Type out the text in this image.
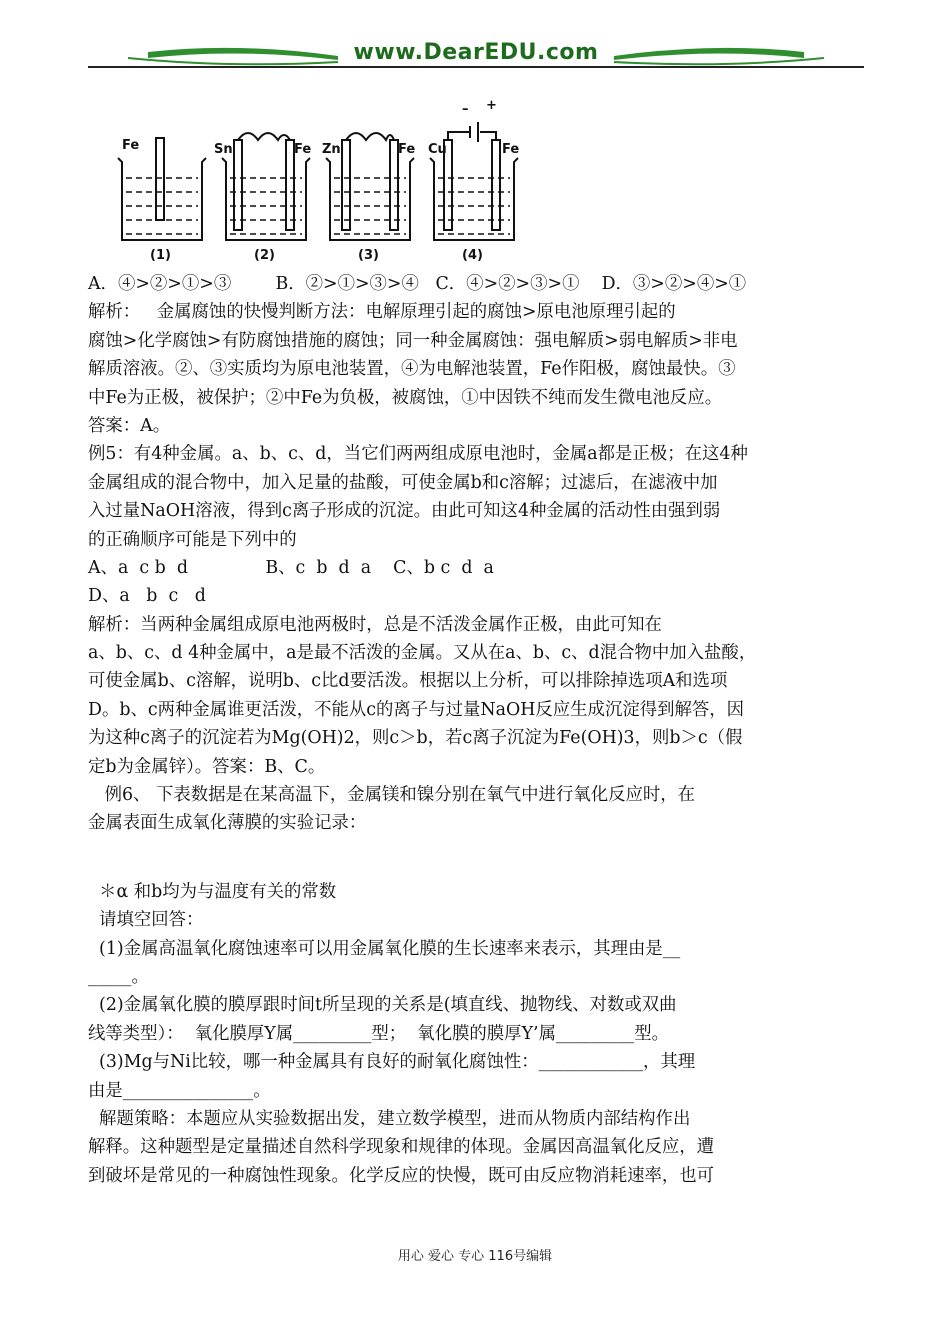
www.DearEDU.com
Fe	Sn	Fe Zn	Fe Cu	Fe
– +
(1)	(2)	(3)	(4)
A．④>②>①>③        B．②>①>③>④   C．④>②>③>①    D．③>②>④>①
解析：   金属腐蚀的快慢判断方法：电解原理引起的腐蚀>原电池原理引起的
腐蚀>化学腐蚀>有防腐蚀措施的腐蚀；同一种金属腐蚀：强电解质>弱电解质>非电
解质溶液。②、③实质均为原电池装置，④为电解池装置，Fe作阳极，腐蚀最快。③
中Fe为正极，被保护；②中Fe为负极，被腐蚀，①中因铁不纯而发生微电池反应。
答案：A。
例5：有4种金属。a、b、c、d，当它们两两组成原电池时，金属a都是正极；在这4种
金属组成的混合物中，加入足量的盐酸，可使金属b和c溶解；过滤后，在滤液中加
入过量NaOH溶液，得到c离子形成的沉淀。由此可知这4种金属的活动性由强到弱
的正确顺序可能是下列中的
A、a  c b  d              B、c  b  d  a    C、b c  d  a
D、a   b  c   d
解析：当两种金属组成原电池两极时，总是不活泼金属作正极，由此可知在
a、b、c、d 4种金属中，a是最不活泼的金属。又从在a、b、c、d混合物中加入盐酸，
可使金属b、c溶解，说明b、c比d要活泼。根据以上分析，可以排除掉选项A和选项
D。b、c两种金属谁更活泼，不能从c的离子与过量NaOH反应生成沉淀得到解答，因
为这种c离子的沉淀若为Mg(OH)2，则c＞b，若c离子沉淀为Fe(OH)3，则b＞c（假
定b为金属锌）。答案：B、C。
例6、 下表数据是在某高温下，金属镁和镍分别在氧气中进行氧化反应时，在
金属表面生成氧化薄膜的实验记录：
＊α 和b均为与温度有关的常数
请填空回答：
(1)金属高温氧化腐蚀速率可以用金属氧化膜的生长速率来表示，其理由是__
_____。
(2)金属氧化膜的膜厚跟时间t所呈现的关系是(填直线、抛物线、对数或双曲
线等类型）：  氧化膜厚Y属_________型；  氧化膜的膜厚Y’属_________型。
(3)Mg与Ni比较，哪一种金属具有良好的耐氧化腐蚀性：____________，其理
由是_______________。
解题策略：本题应从实验数据出发，建立数学模型，进而从物质内部结构作出
解释。这种题型是定量描述自然科学现象和规律的体现。金属因高温氧化反应，遭
到破坏是常见的一种腐蚀性现象。化学反应的快慢，既可由反应物消耗速率，也可
用心 爱心 专心 116号编辑
